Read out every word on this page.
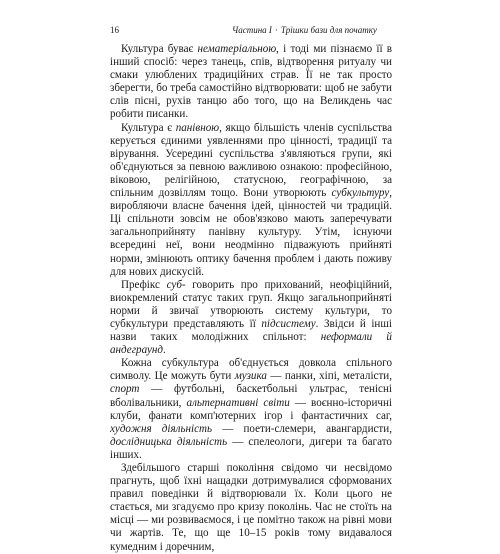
16	Частина I · Трішки бази для початку

Культура буває нематеріальною, і тоді ми пізнаємо її в інший спосіб: через танець, спів, відтворення ритуалу чи смаки улюблених традиційних страв. Її не так просто зберегти, бо треба самостійно відтворювати: щоб не забути слів пісні, рухів танцю або того, що на Великдень час робити писанки.

Культура є панівною, якщо більшість членів суспільства керується єдиними уявленнями про цінності, традиції та вірування. Усередині суспільства з'являються групи, які об'єднуються за певною важливою ознакою: професійною, віковою, релігійною, статусною, географічною, за спільним дозвіллям тощо. Вони утворюють субкультуру, виробляючи власне бачення ідей, цінностей чи традицій. Ці спільноти зовсім не обов'язково мають заперечувати загальноприйняту панівну культуру. Утім, існуючи всередині неї, вони неодмінно підважують прийняті норми, змінюють оптику бачення проблем і дають поживу для нових дискусій.

Префікс суб- говорить про прихований, неофіційний, виокремлений статус таких груп. Якщо загальноприйняті норми й звичаї утворюють систему культури, то субкультури представляють її підсистему. Звідси й інші назви таких молодіжних спільнот: неформали й андеграунд.

Кожна субкультура об'єднується довкола спільного символу. Це можуть бути музика — панки, хіпі, металісти, спорт — футбольні, баскетбольні ультрас, тенісні вболівальники, альтернативні світи — воєнно-історичні клуби, фанати комп'ютерних ігор і фантастичних саг, художня діяльність — поети-слемери, авангардисти, дослідницька діяльність — спелеологи, дигери та багато інших.

Здебільшого старші покоління свідомо чи несвідомо прагнуть, щоб їхні нащадки дотримувалися сформованих правил поведінки й відтворювали їх. Коли цього не стається, ми згадуємо про кризу поколінь. Час не стоїть на місці — ми розвиваємося, і це помітно також на рівні мови чи жартів. Те, що ще 10–15 років тому видавалося кумедним і доречним,
